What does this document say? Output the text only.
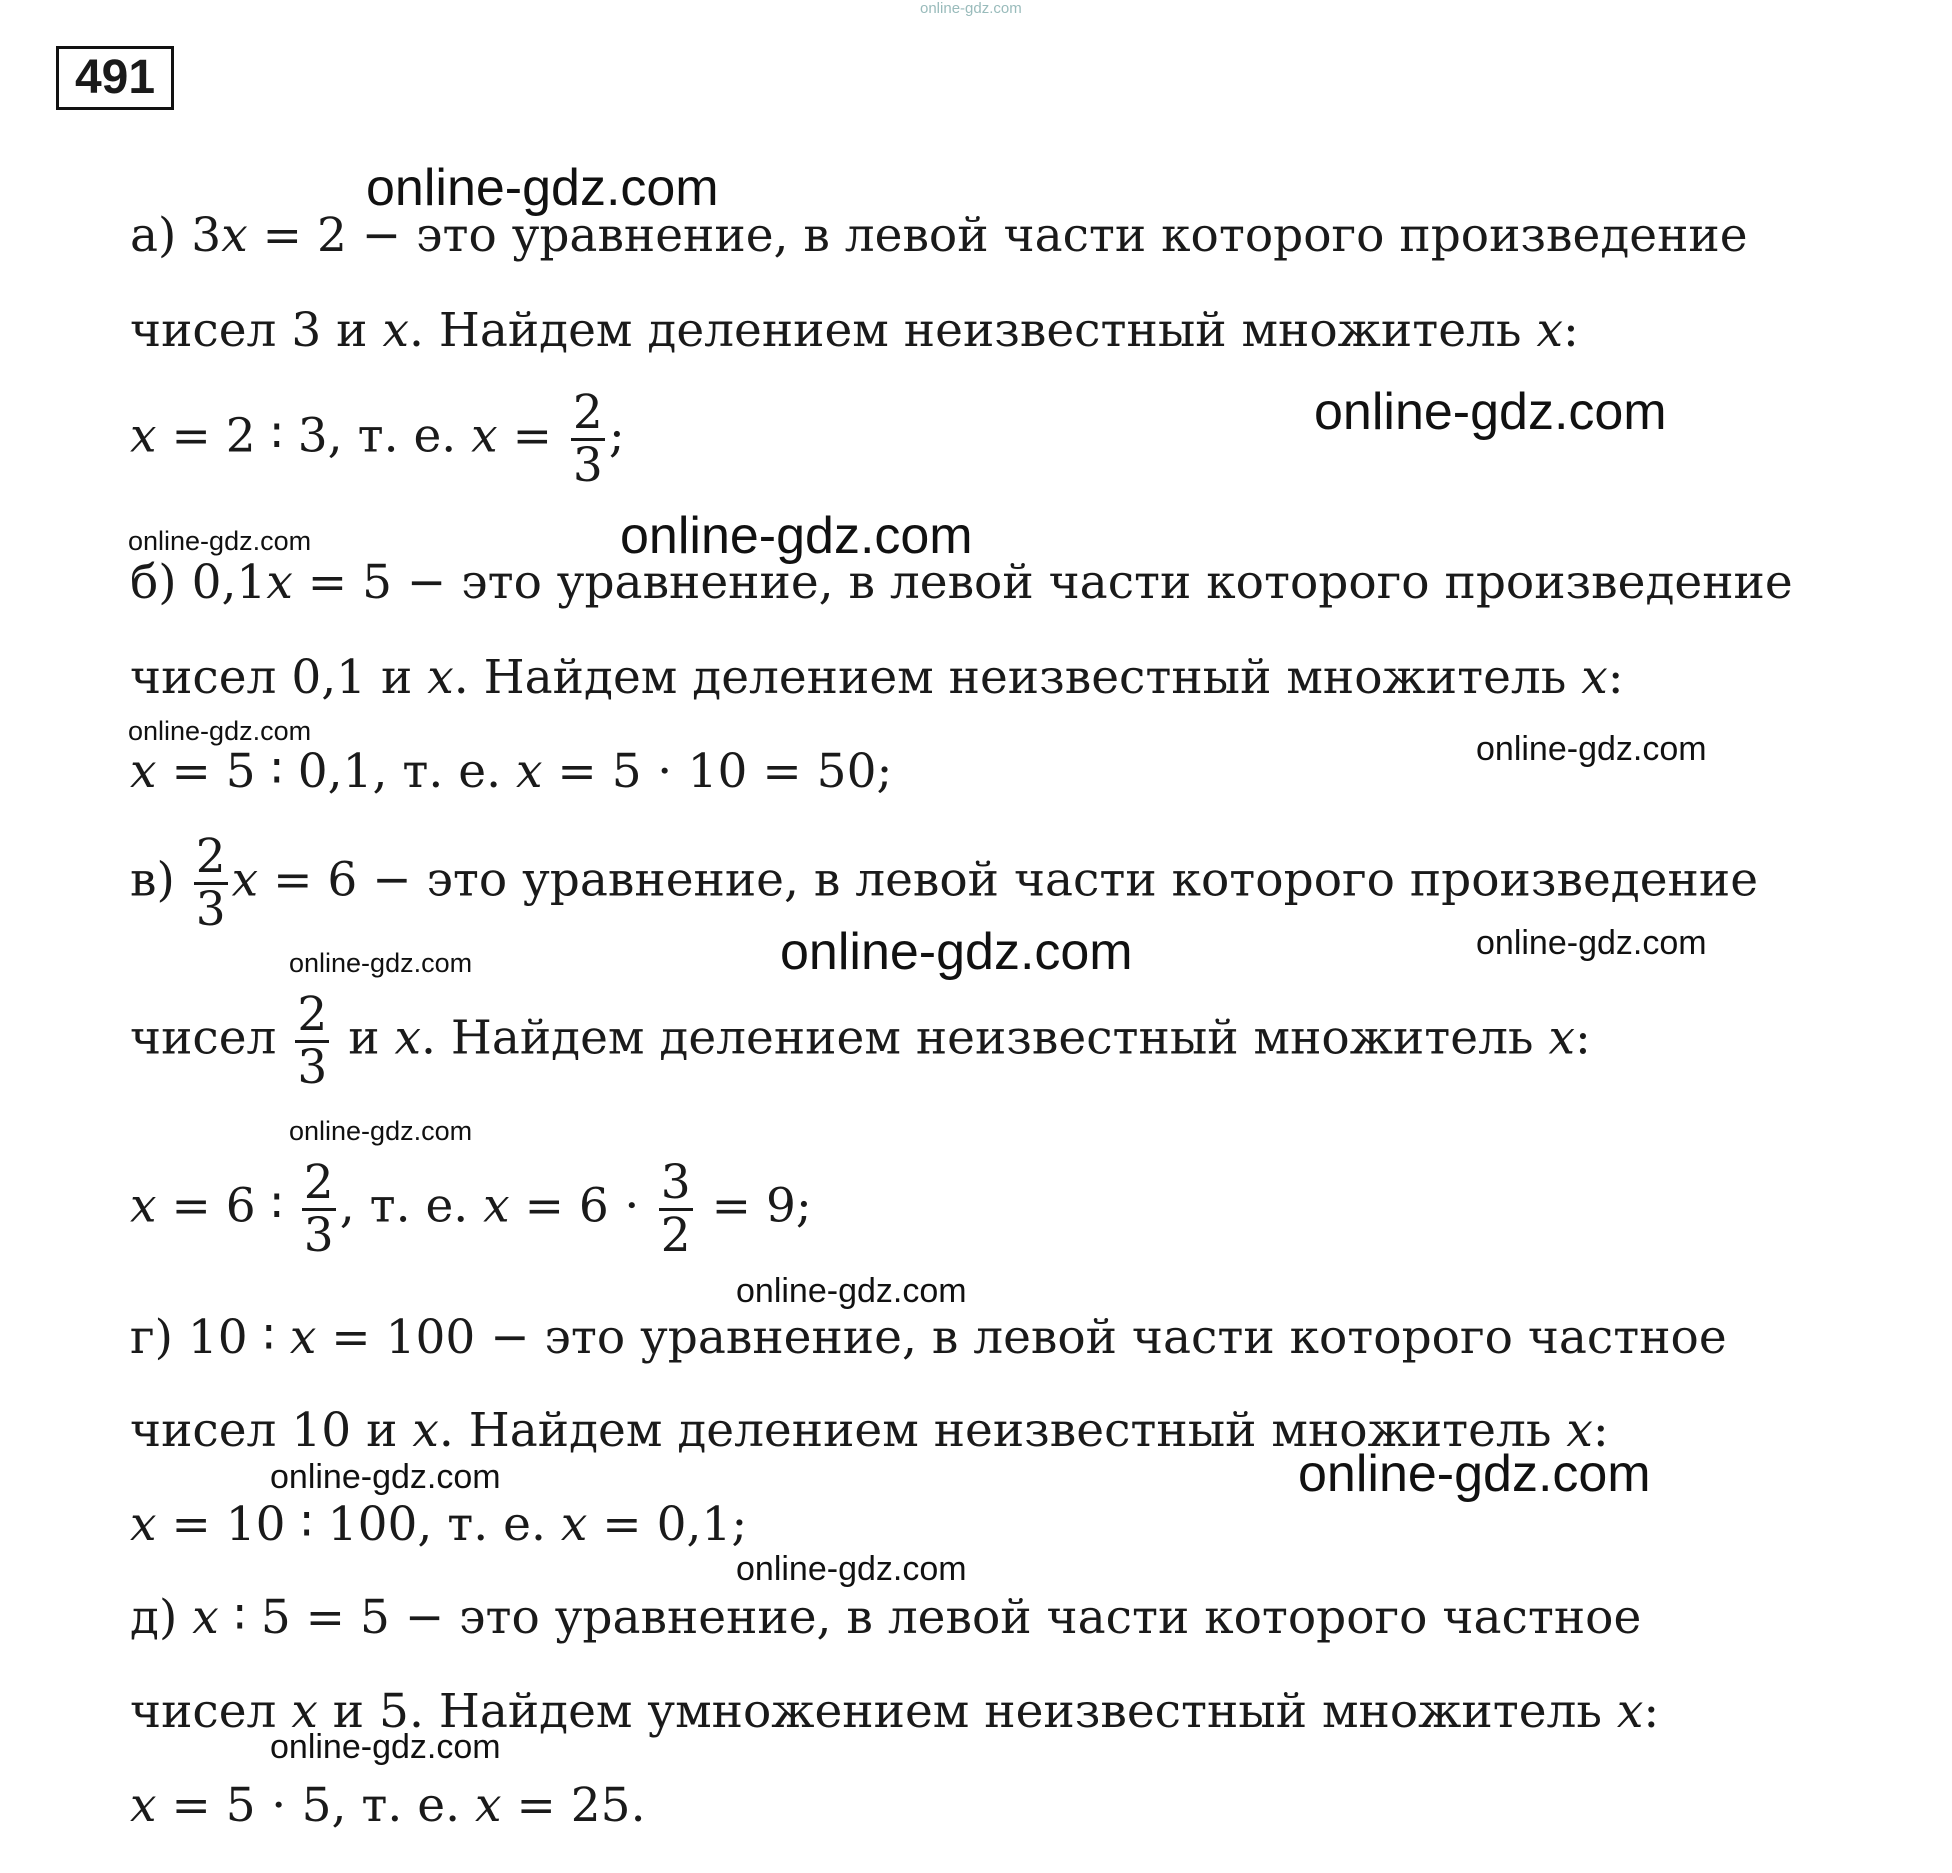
online-gdz.com
491
а) 3𝑥 = 2 − это уравнение, в левой части которого произведение
чисел 3 и 𝑥. Найдем делением неизвестный множитель 𝑥:
𝑥 = 2 ∶ 3, т. е. 𝑥 = $\frac{2}{3}$ ;
б) 0,1𝑥 = 5 − это уравнение, в левой части которого произведение
чисел 0,1 и 𝑥. Найдем делением неизвестный множитель 𝑥:
𝑥 = 5 ∶ 0,1, т. е. 𝑥 = 5 ⋅ 10 = 50;
$в) \frac{2}{3}$ 𝑥 = 6 − это уравнение, в левой части которого произведение
чисел $\frac{2}{3}$ и 𝑥. Найдем делением неизвестный множитель 𝑥:
𝑥 = 6 ∶ $\frac{2}{3}$ , т. е. 𝑥 = $6 \cdot \frac{3}{2} = 9$;
г) 10 ∶ 𝑥 = 100 − это уравнение, в левой части которого частное
чисел 10 и 𝑥. Найдем делением неизвестный множитель 𝑥:
𝑥 = 10 ∶ 100, т. е. 𝑥 = 0,1;
д) 𝑥 ∶ 5 = 5 − это уравнение, в левой части которого частное
чисел 𝑥 и 5. Найдем умножением неизвестный множитель 𝑥:
𝑥 = 5 ⋅ 5, т. е. 𝑥 = 25.
online-gdz.com
online-gdz.com
online-gdz.com	online-gdz.com
online-gdz.com	online-gdz.com
online-gdz.com	online-gdz.com	online-gdz.com
online-gdz.com
online-gdz.com
online-gdz.com	online-gdz.com
online-gdz.com
online-gdz.com
